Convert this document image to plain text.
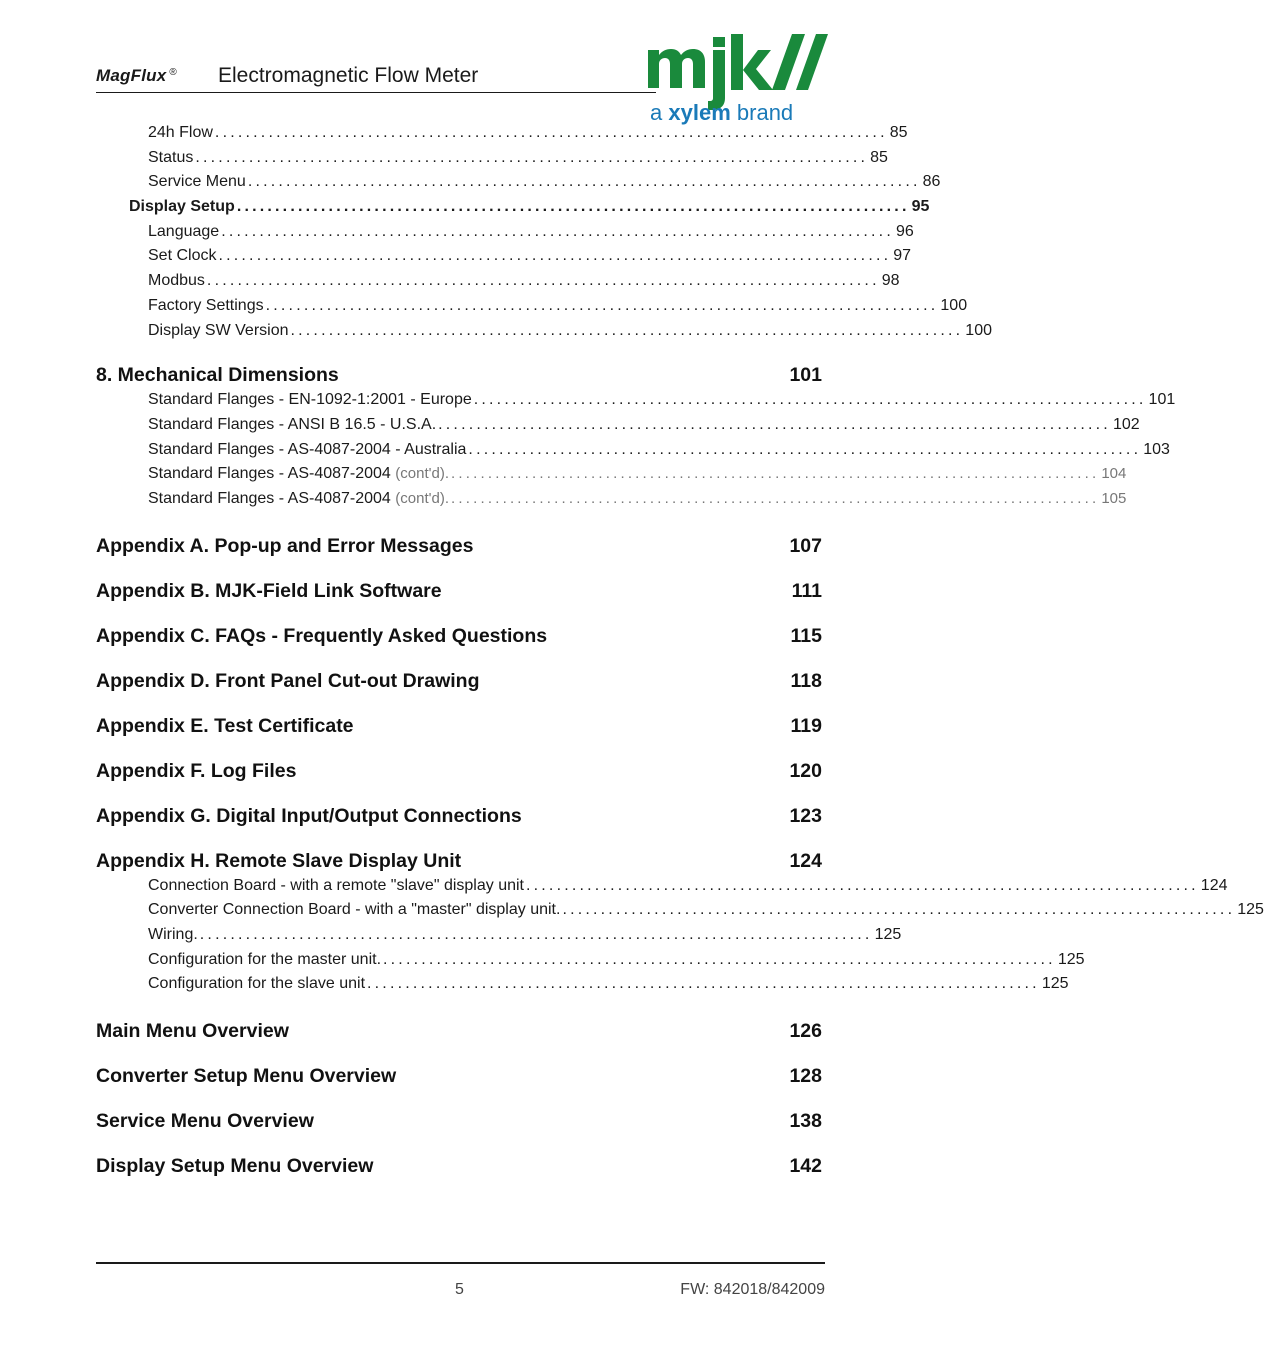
MagFlux ® Electromagnetic Flow Meter
a xylem brand
24h Flow ........................................................................................ 85
Status ........................................................................................ 85
Service Menu ........................................................................................ 86
Display Setup ........................................................................................ 95
Language ........................................................................................ 96
Set Clock ........................................................................................ 97
Modbus ........................................................................................ 98
Factory Settings ........................................................................................ 100
Display SW Version ........................................................................................ 100
8. Mechanical Dimensions	101
Standard Flanges - EN-1092-1:2001 - Europe ........................................................................................ 101
Standard Flanges - ANSI B 16.5 - U.S.A. ........................................................................................ 102
Standard Flanges - AS-4087-2004 - Australia ........................................................................................ 103
Standard Flanges - AS-4087-2004 (cont'd). ........................................................................................ 104
Standard Flanges - AS-4087-2004 (cont'd). ........................................................................................ 105
Appendix A. Pop-up and Error Messages	107
Appendix B. MJK-Field Link Software	111
Appendix C. FAQs - Frequently Asked Questions	115
Appendix D. Front Panel Cut-out Drawing	118
Appendix E. Test Certificate	119
Appendix F. Log Files	120
Appendix G. Digital Input/Output Connections	123
Appendix H. Remote Slave Display Unit	124
Connection Board - with a remote "slave" display unit ........................................................................................ 124
Converter Connection Board - with a "master" display unit. ........................................................................................ 125
Wiring. ........................................................................................ 125
Configuration for the master unit. ........................................................................................ 125
Configuration for the slave unit ........................................................................................ 125
Main Menu Overview	126
Converter Setup Menu Overview	128
Service Menu Overview	138
Display Setup Menu Overview	142
5	FW: 842018/842009
